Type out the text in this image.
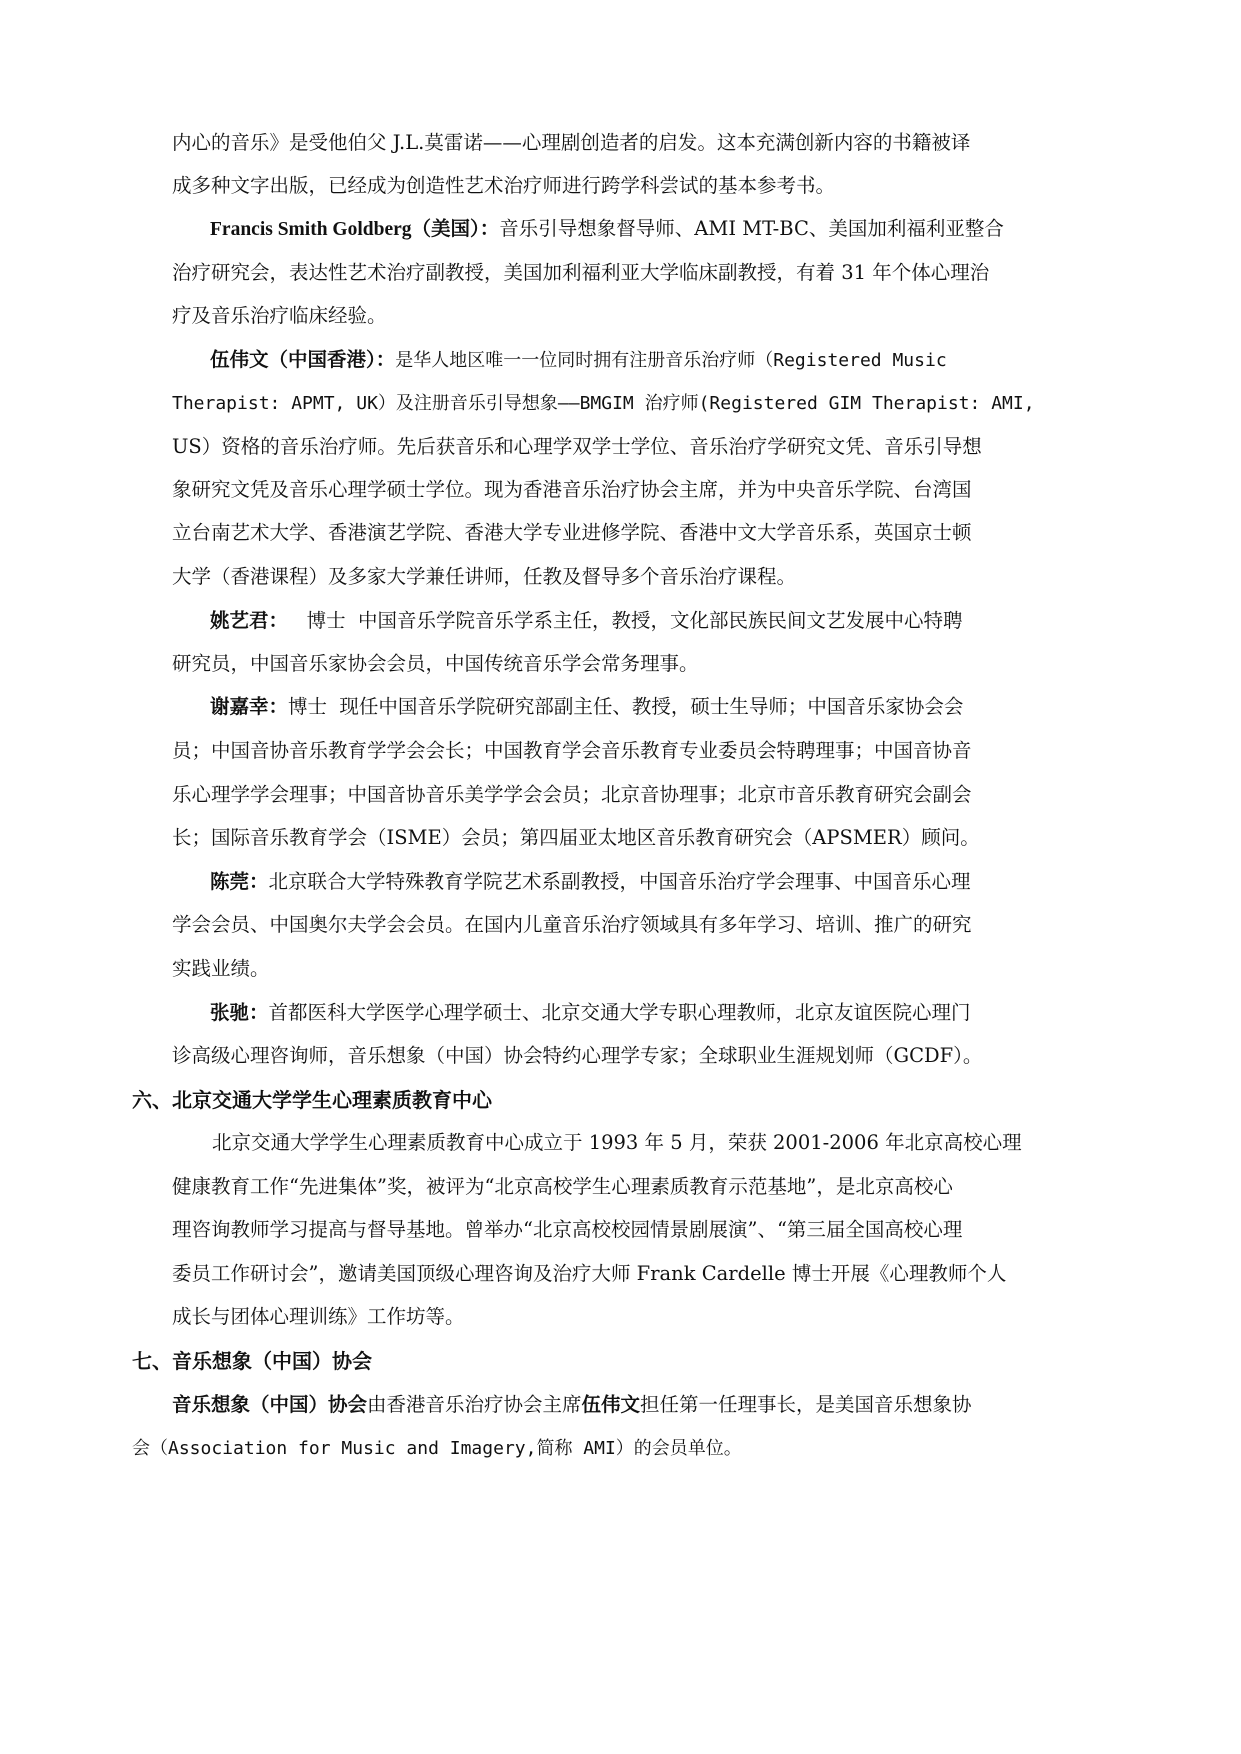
内心的音乐》是受他伯父 J.L.莫雷诺——心理剧创造者的启发。这本充满创新内容的书籍被译
成多种文字出版，已经成为创造性艺术治疗师进行跨学科尝试的基本参考书。
Francis Smith Goldberg（美国）：音乐引导想象督导师、AMI MT-BC、美国加利福利亚整合
治疗研究会，表达性艺术治疗副教授，美国加利福利亚大学临床副教授，有着 31 年个体心理治
疗及音乐治疗临床经验。
伍伟文（中国香港）：是华人地区唯一一位同时拥有注册音乐治疗师（Registered Music
Therapist: APMT, UK）及注册音乐引导想象——BMGIM 治疗师(Registered GIM Therapist: AMI,
US）资格的音乐治疗师。先后获音乐和心理学双学士学位、音乐治疗学研究文凭、音乐引导想
象研究文凭及音乐心理学硕士学位。现为香港音乐治疗协会主席，并为中央音乐学院、台湾国
立台南艺术大学、香港演艺学院、香港大学专业进修学院、香港中文大学音乐系，英国京士顿
大学（香港课程）及多家大学兼任讲师，任教及督导多个音乐治疗课程。
姚艺君：   博士  中国音乐学院音乐学系主任，教授，文化部民族民间文艺发展中心特聘
研究员，中国音乐家协会会员，中国传统音乐学会常务理事。
谢嘉幸：博士  现任中国音乐学院研究部副主任、教授，硕士生导师；中国音乐家协会会
员；中国音协音乐教育学学会会长；中国教育学会音乐教育专业委员会特聘理事；中国音协音
乐心理学学会理事；中国音协音乐美学学会会员；北京音协理事；北京市音乐教育研究会副会
长；国际音乐教育学会（ISME）会员；第四届亚太地区音乐教育研究会（APSMER）顾问。
陈莞：北京联合大学特殊教育学院艺术系副教授，中国音乐治疗学会理事、中国音乐心理
学会会员、中国奥尔夫学会会员。在国内儿童音乐治疗领域具有多年学习、培训、推广的研究
实践业绩。
张驰：首都医科大学医学心理学硕士、北京交通大学专职心理教师，北京友谊医院心理门
诊高级心理咨询师，音乐想象（中国）协会特约心理学专家；全球职业生涯规划师（GCDF）。
六、北京交通大学学生心理素质教育中心
北京交通大学学生心理素质教育中心成立于 1993 年 5 月，荣获 2001-2006 年北京高校心理
健康教育工作“先进集体”奖，被评为“北京高校学生心理素质教育示范基地”，是北京高校心
理咨询教师学习提高与督导基地。曾举办“北京高校校园情景剧展演”、“第三届全国高校心理
委员工作研讨会”，邀请美国顶级心理咨询及治疗大师 Frank Cardelle 博士开展《心理教师个人
成长与团体心理训练》工作坊等。
七、音乐想象（中国）协会
音乐想象（中国）协会由香港音乐治疗协会主席伍伟文担任第一任理事长，是美国音乐想象协
会（Association for Music and Imagery,简称 AMI）的会员单位。
